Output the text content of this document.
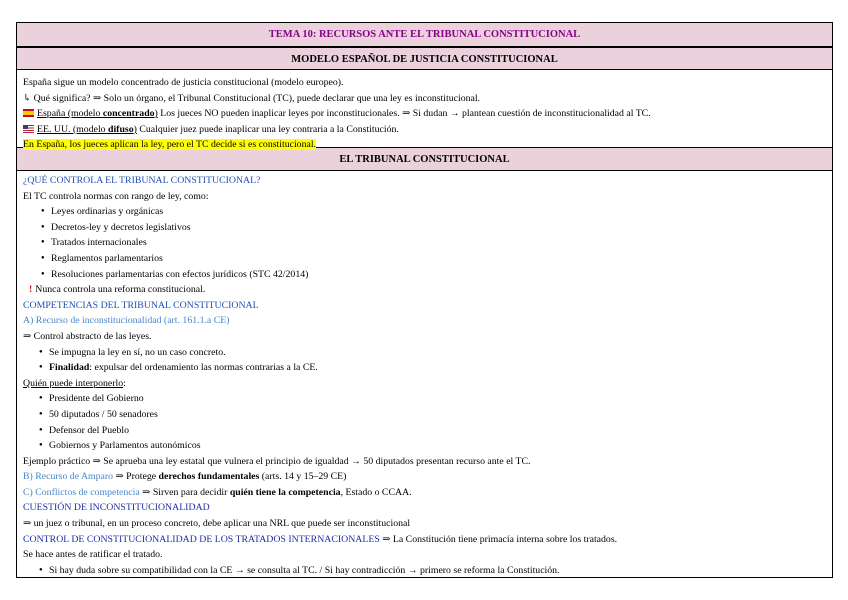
TEMA 10: RECURSOS ANTE EL TRIBUNAL CONSTITUCIONAL
MODELO ESPAÑOL DE JUSTICIA CONSTITUCIONAL
España sigue un modelo concentrado de justicia constitucional (modelo europeo).
↳ Qué significa? ⇒ Solo un órgano, el Tribunal Constitucional (TC), puede declarar que una ley es inconstitucional.
España (modelo concentrado) Los jueces NO pueden inaplicar leyes por inconstitucionales. ⇒ Si dudan → plantean cuestión de inconstitucionalidad al TC.
EE. UU. (modelo difuso) Cualquier juez puede inaplicar una ley contraria a la Constitución.
En España, los jueces aplican la ley, pero el TC decide si es constitucional.
EL TRIBUNAL CONSTITUCIONAL
¿QUÉ CONTROLA EL TRIBUNAL CONSTITUCIONAL?
El TC controla normas con rango de ley, como:
● Leyes ordinarias y orgánicas
● Decretos-ley y decretos legislativos
● Tratados internacionales
● Reglamentos parlamentarios
● Resoluciones parlamentarias con efectos jurídicos (STC 42/2014)
! Nunca controla una reforma constitucional.
COMPETENCIAS DEL TRIBUNAL CONSTITUCIONAL
A) Recurso de inconstitucionalidad (art. 161.1.a CE)
⇒ Control abstracto de las leyes.
● Se impugna la ley en sí, no un caso concreto.
● Finalidad: expulsar del ordenamiento las normas contrarias a la CE.
Quién puede interponerlo:
● Presidente del Gobierno
● 50 diputados / 50 senadores
● Defensor del Pueblo
● Gobiernos y Parlamentos autonómicos
Ejemplo práctico ⇒ Se aprueba una ley estatal que vulnera el principio de igualdad → 50 diputados presentan recurso ante el TC.
B) Recurso de Amparo ⇒ Protege derechos fundamentales (arts. 14 y 15–29 CE)
C) Conflictos de competencia ⇒ Sirven para decidir quién tiene la competencia, Estado o CCAA.
CUESTIÓN DE INCONSTITUCIONALIDAD
⇒ un juez o tribunal, en un proceso concreto, debe aplicar una NRL que puede ser inconstitucional
CONTROL DE CONSTITUCIONALIDAD DE LOS TRATADOS INTERNACIONALES ⇒ La Constitución tiene primacía interna sobre los tratados.
Se hace antes de ratificar el tratado.
● Si hay duda sobre su compatibilidad con la CE → se consulta al TC. / Si hay contradicción → primero se reforma la Constitución.
